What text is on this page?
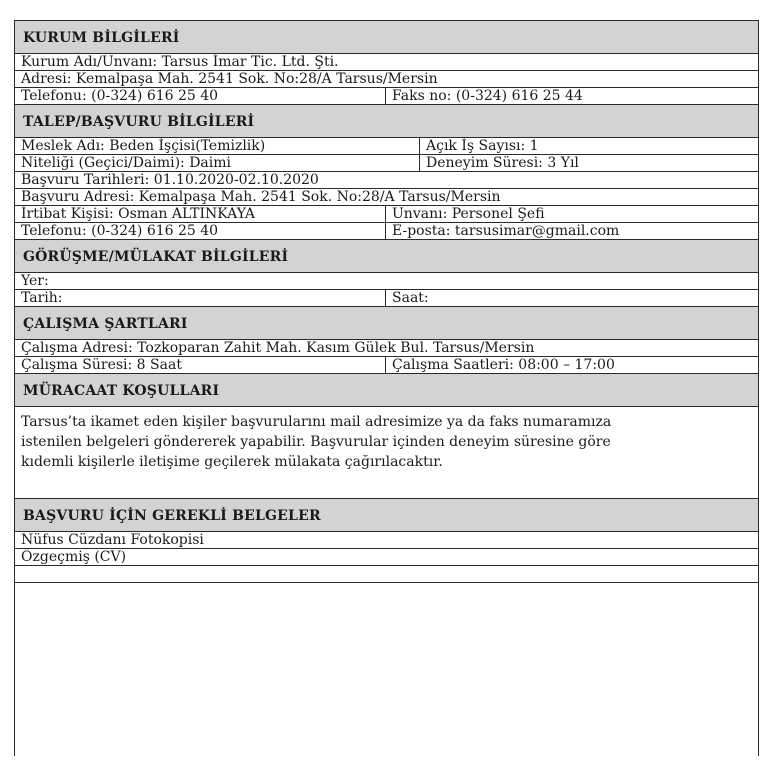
KURUM BİLGİLERİ
Kurum Adı/Unvanı: Tarsus İmar Tic. Ltd. Şti.
Adresi: Kemalpaşa Mah. 2541 Sok. No:28/A Tarsus/Mersin
Telefonu: (0-324) 616 25 40	Faks no: (0-324) 616 25 44
TALEP/BAŞVURU BİLGİLERİ
Meslek Adı: Beden İşçisi(Temizlik)	Açık İş Sayısı: 1
Niteliği (Geçici/Daimi): Daimi	Deneyim Süresi: 3 Yıl
Başvuru Tarihleri: 01.10.2020-02.10.2020
Başvuru Adresi: Kemalpaşa Mah. 2541 Sok. No:28/A Tarsus/Mersin
İrtibat Kişisi: Osman ALTINKAYA	Unvanı: Personel Şefi
Telefonu: (0-324) 616 25 40	E-posta: tarsusimar@gmail.com
GÖRÜŞME/MÜLAKAT BİLGİLERİ
Yer:
Tarih:	Saat:
ÇALIŞMA ŞARTLARI
Çalışma Adresi: Tozkoparan Zahit Mah. Kasım Gülek Bul. Tarsus/Mersin
Çalışma Süresi: 8 Saat	Çalışma Saatleri: 08:00 – 17:00
MÜRACAAT KOŞULLARI
Tarsus’ta ikamet eden kişiler başvurularını mail adresimize ya da faks numaramıza
istenilen belgeleri göndererek yapabilir. Başvurular içinden deneyim süresine göre
kıdemli kişilerle iletişime geçilerek mülakata çağırılacaktır.
BAŞVURU İÇİN GEREKLİ BELGELER
Nüfus Cüzdanı Fotokopisi
Özgeçmiş (CV)
